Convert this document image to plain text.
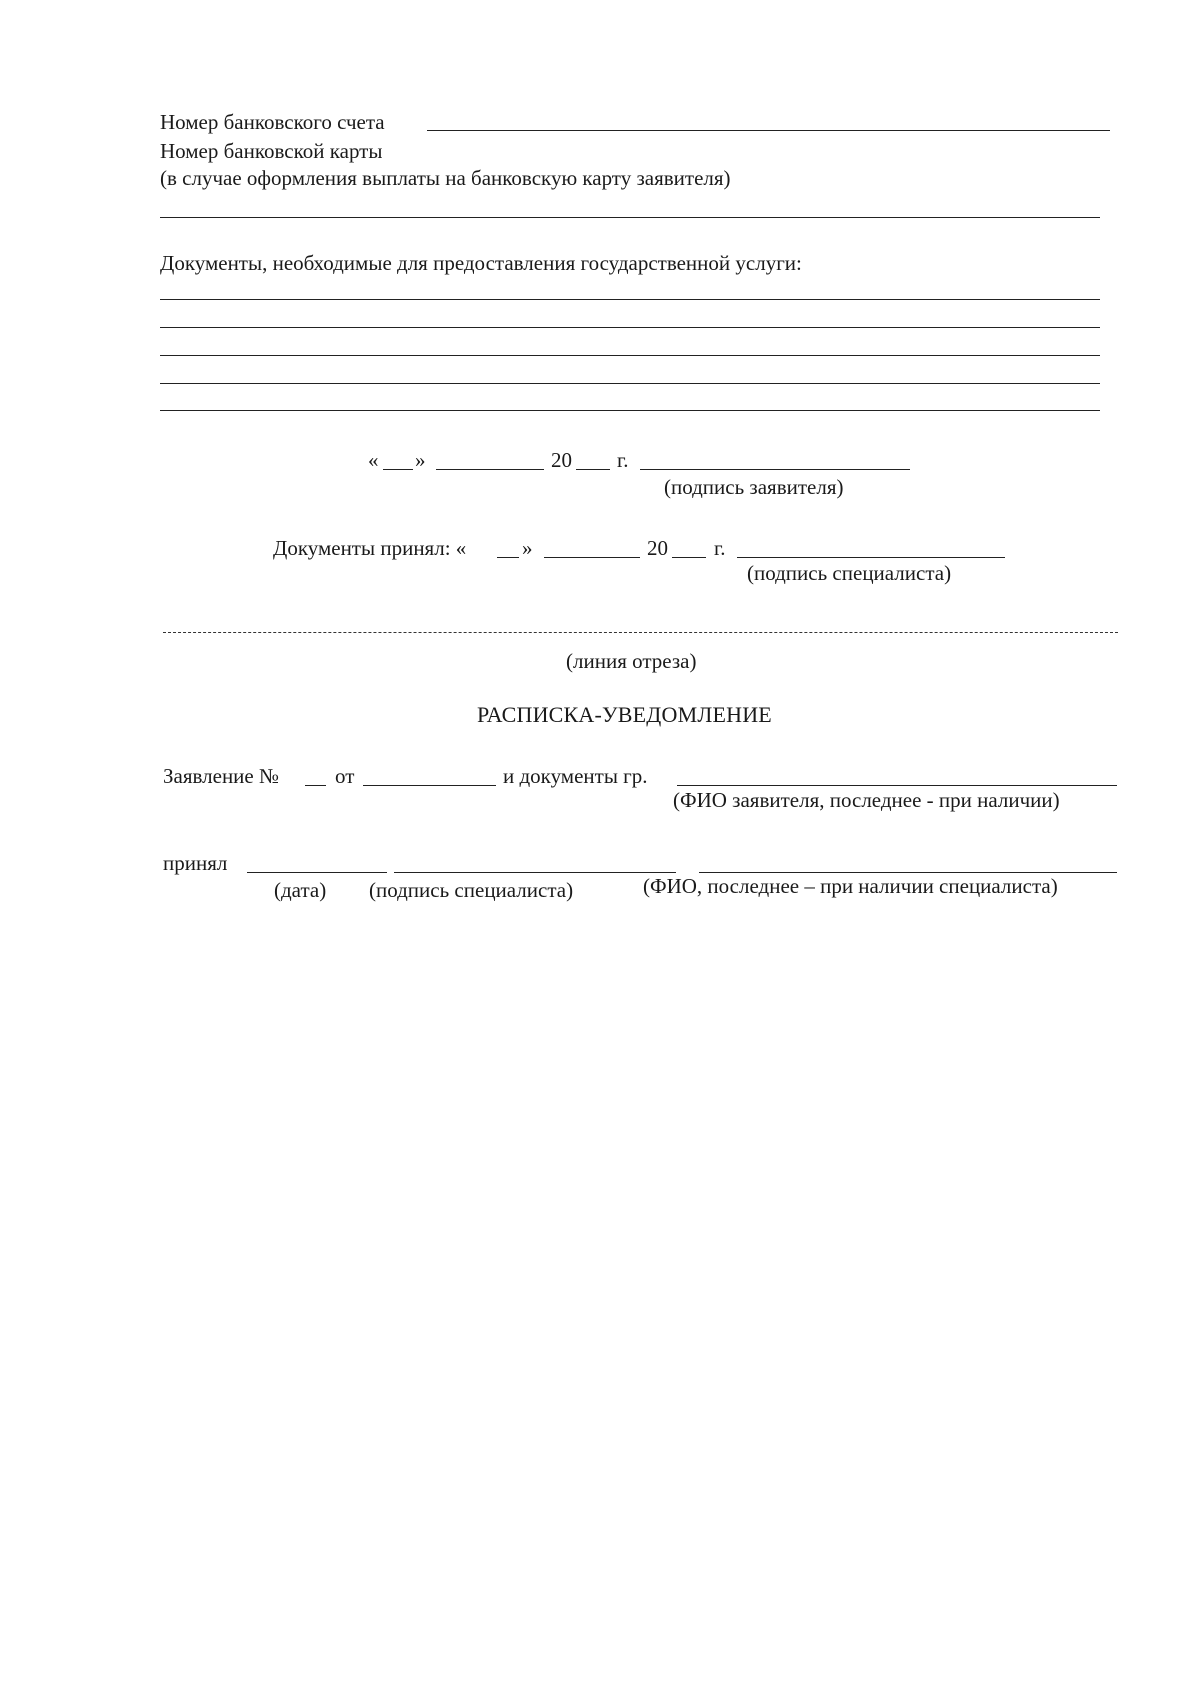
Номер банковского счета
Номер банковской карты
(в случае оформления выплаты на банковскую карту заявителя)
Документы, необходимые для предоставления государственной услуги:
« »	20 г.
(подпись заявителя)
Документы принял: «	»	20 г.
(подпись специалиста)
(линия отреза)
РАСПИСКА-УВЕДОМЛЕНИЕ
Заявление №	от	и документы гр.
(ФИО заявителя, последнее - при наличии)
принял
(дата) (подпись специалиста)	(ФИО, последнее – при наличии специалиста)
